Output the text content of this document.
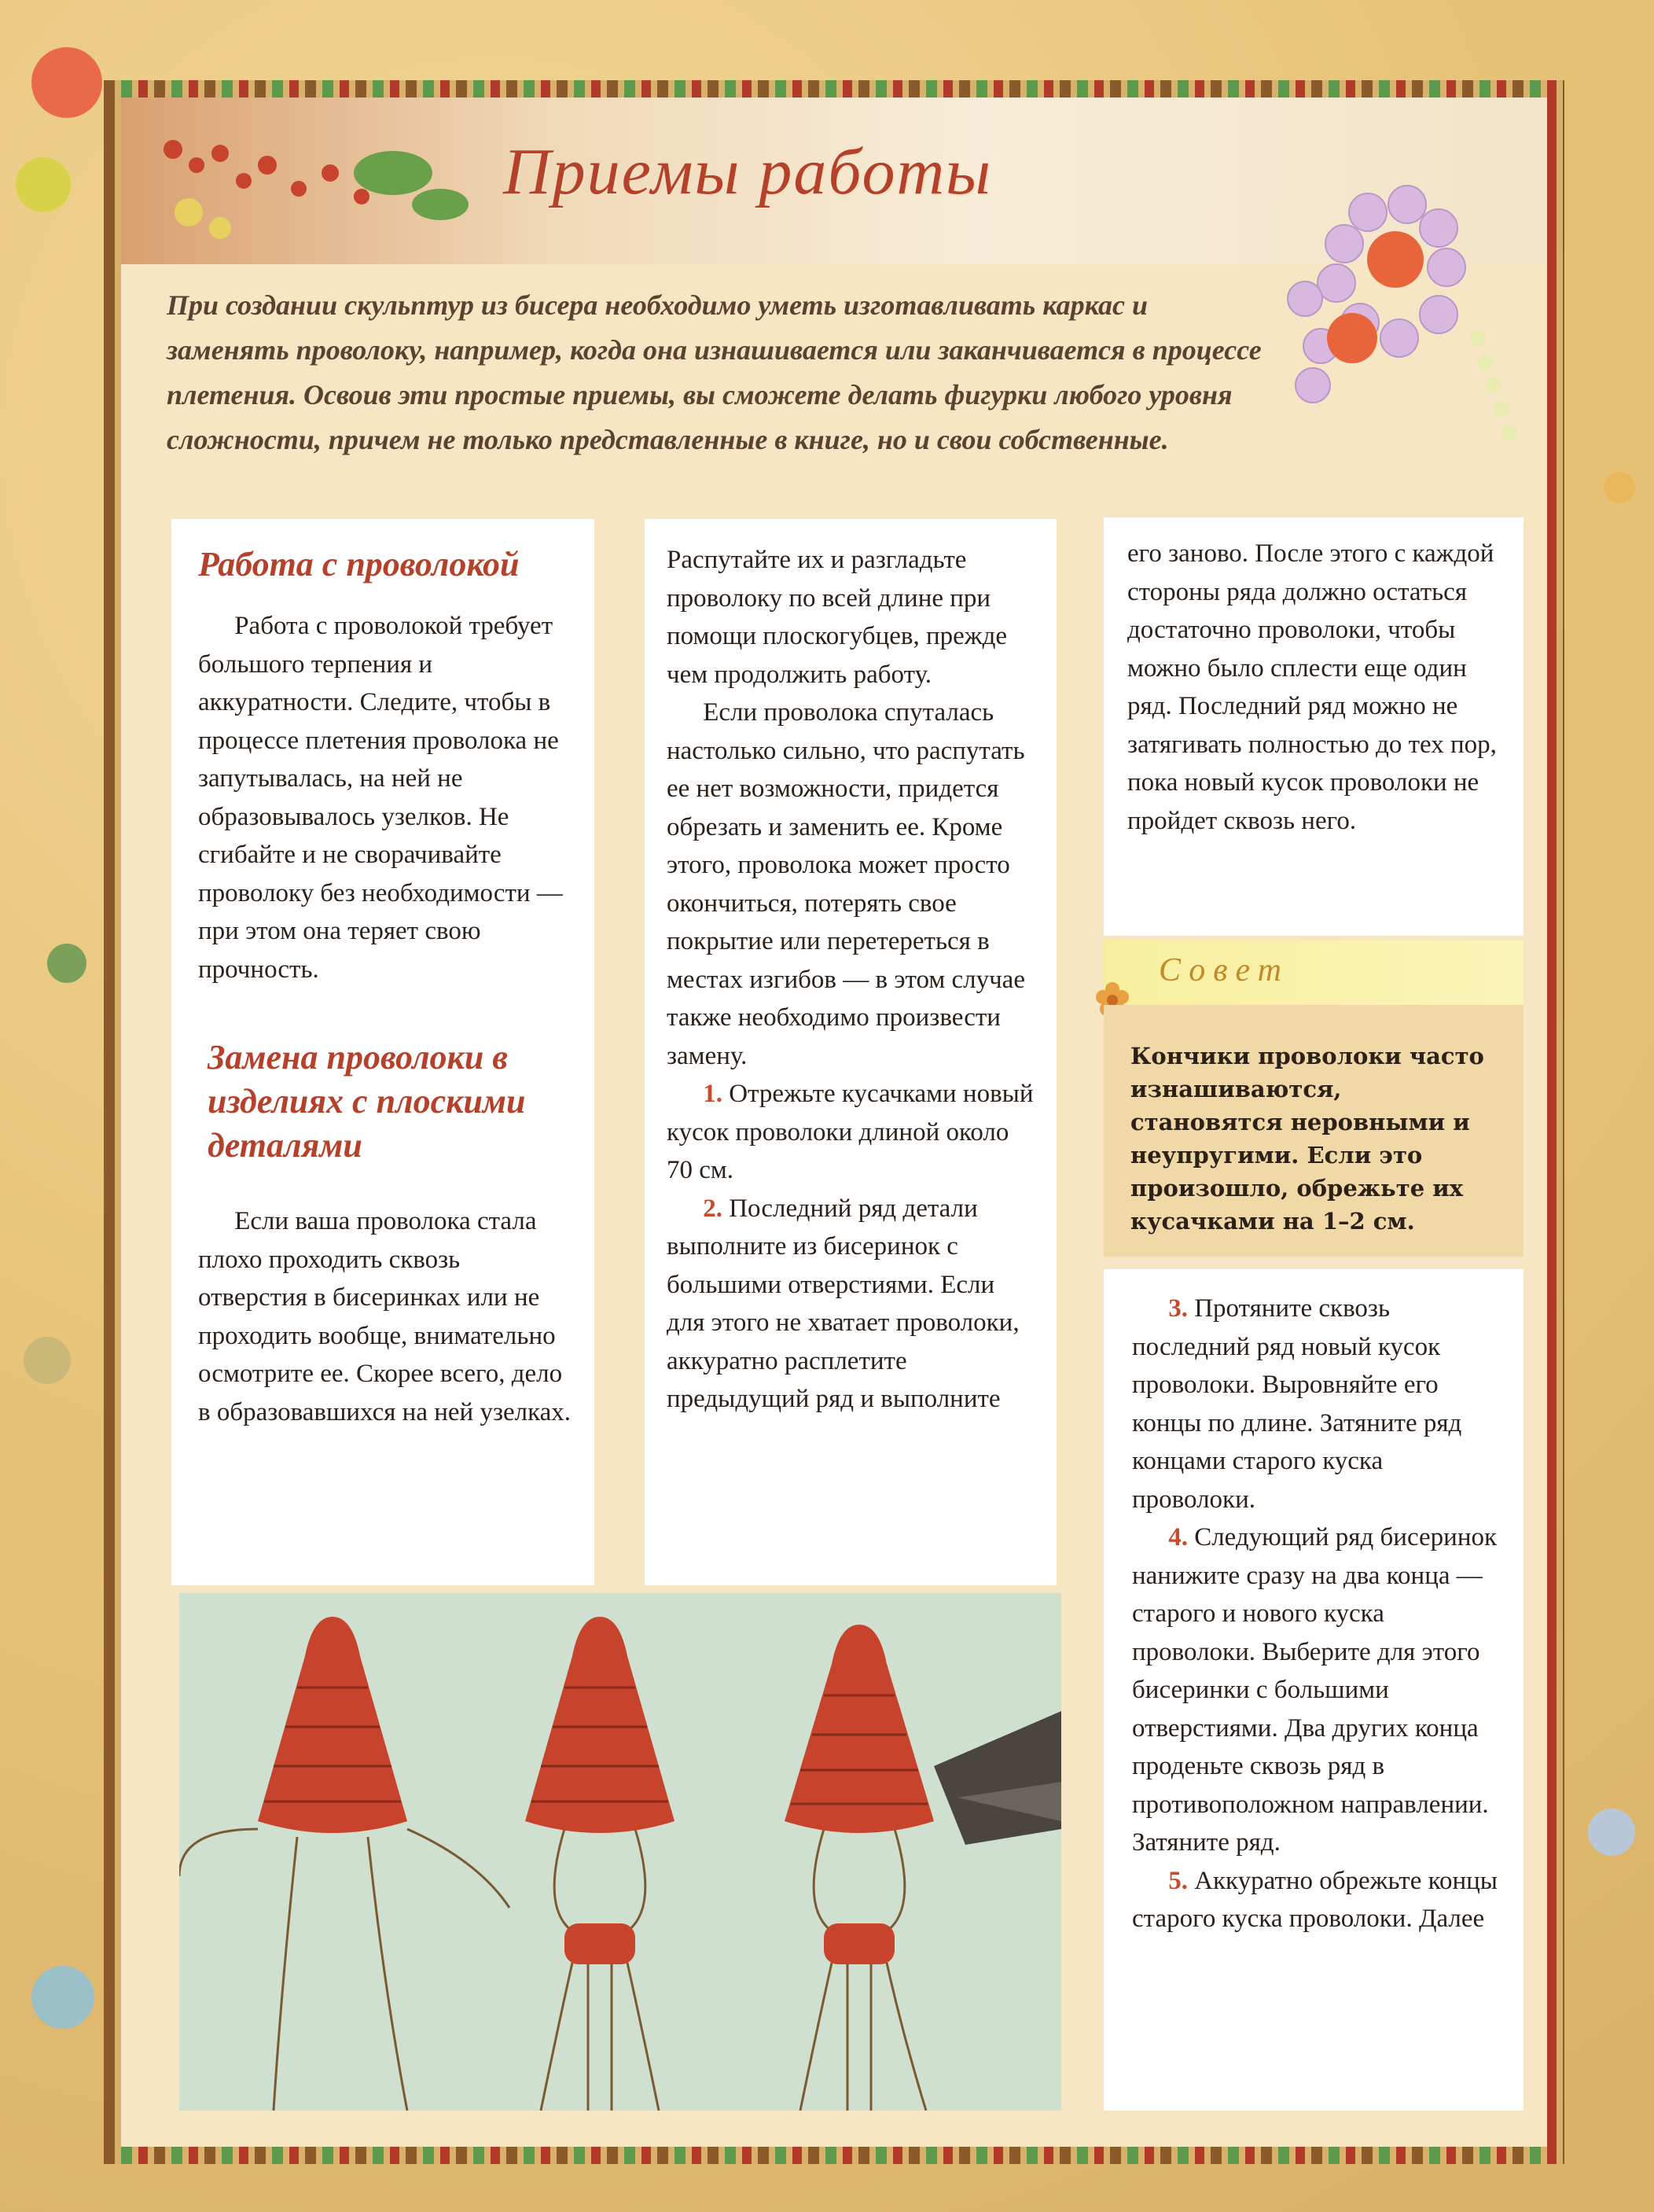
Приемы работы
При создании скульптур из бисера необходимо уметь изготавливать каркас и заменять проволоку, например, когда она изнашивается или заканчивается в процессе плетения. Освоив эти простые приемы, вы сможете делать фигурки любого уровня сложности, причем не только представленные в книге, но и свои собственные.
Работа с проволокой

Работа с проволокой требует большого терпения и аккуратности. Следите, чтобы в процессе плетения проволока не запутывалась, на ней не образовывалось узелков. Не сгибайте и не сворачивайте проволоку без необходимости — при этом она теряет свою прочность.

Замена проволоки в изделиях с плоскими деталями

Если ваша проволока стала плохо проходить сквозь отверстия в бисеринках или не проходить вообще, внимательно осмотрите ее. Скорее всего, дело в образовавшихся на ней узелках.

Распутайте их и разгладьте проволоку по всей длине при помощи плоскогубцев, прежде чем продолжить работу.

Если проволока спуталась настолько сильно, что распутать ее нет возможности, придется обрезать и заменить ее. Кроме этого, проволока может просто окончиться, потерять свое покрытие или перетереться в местах изгибов — в этом случае также необходимо произвести замену.

1. Отрежьте кусачками новый кусок проволоки длиной около 70 см.

2. Последний ряд детали выполните из бисеринок с большими отверстиями. Если для этого не хватает проволоки, аккуратно расплетите предыдущий ряд и выполните

его заново. После этого с каждой стороны ряда должно остаться достаточно проволоки, чтобы можно было сплести еще один ряд. Последний ряд можно не затягивать полностью до тех пор, пока новый кусок проволоки не пройдет сквозь него.

Совет
Кончики проволоки часто изнашиваются, становятся неровными и неупругими. Если это произошло, обрежьте их кусачками на 1–2 см.

3. Протяните сквозь последний ряд новый кусок проволоки. Выровняйте его концы по длине. Затяните ряд концами старого куска проволоки.

4. Следующий ряд бисеринок нанижите сразу на два конца — старого и нового куска проволоки. Выберите для этого бисеринки с большими отверстиями. Два других конца проденьте сквозь ряд в противоположном направлении. Затяните ряд.

5. Аккуратно обрежьте концы старого куска проволоки. Далее
